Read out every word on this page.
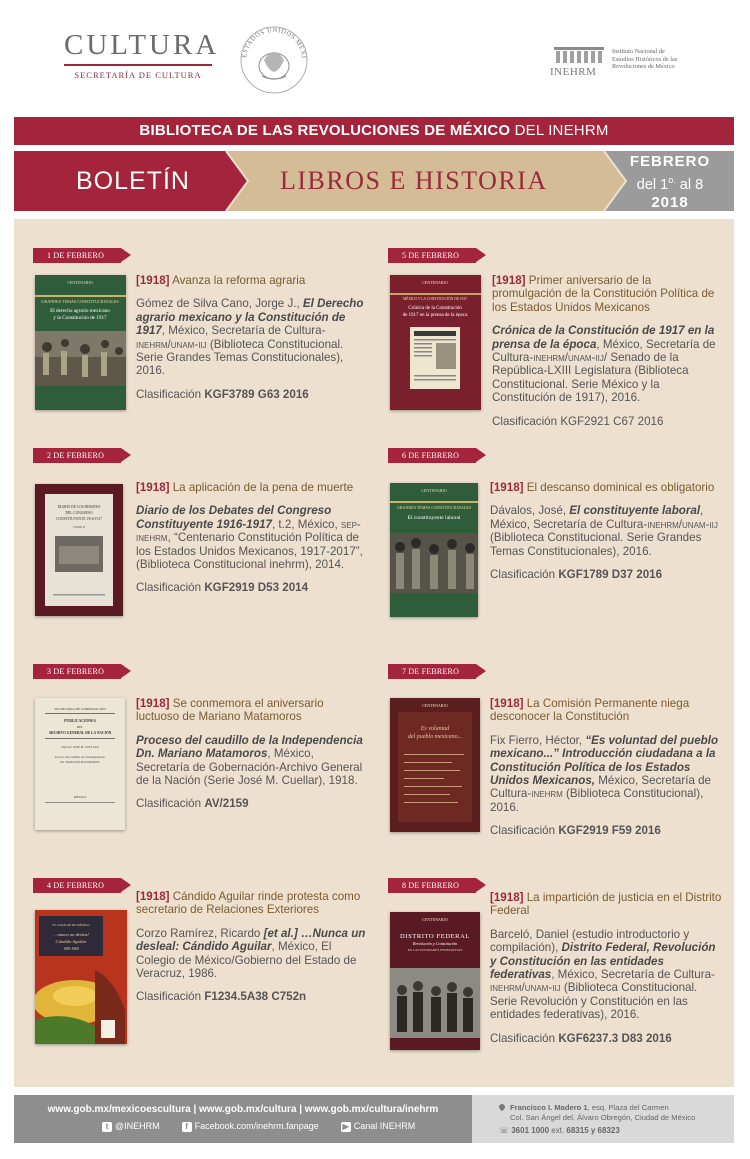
CULTURA
SECRETARÍA DE CULTURA
ESTADOS UNIDOS MEXI
INEHRM
Instituto Nacional de
Estudios Históricos de las
Revoluciones de México
BIBLIOTECA DE LAS REVOLUCIONES DE MÉXICO DEL INEHRM
BOLETÍN	LIBROS E HISTORIA
FEBRERO
del $1^{o.}$ al 8
2018
1 DE FEBRERO
CENTENARIO
GRANDES TEMAS CONSTITUCIONALES
El derecho agrario mexicano
y la Constitución de 1917
[1918] Avanza la reforma agraria
Gómez de Silva Cano, Jorge J., El Derecho agrario mexicano y la Constitución de 1917, México, Secretaría de Cultura-inehrm/unam-iij (Biblioteca Constitucional. Serie Grandes Temas Constitucionales), 2016.
Clasificación KGF3789 G63 2016
5 DE FEBRERO
CENTENARIO
MÉXICO Y LA CONSTITUCIÓN DE 1917
Crónica de la Constitución
de 1917 en la prensa de la época
[1918] Primer aniversario de la promulgación de la Constitución Política de los Estados Unidos Mexicanos
Crónica de la Constitución de 1917 en la prensa de la época, México, Secretaría de Cultura-inehrm/unam-iij/ Senado de la República-LXIII Legislatura (Biblioteca Constitucional. Serie México y la Constitución de 1917), 2016.
Clasificación KGF2921 C67 2016
2 DE FEBRERO
DIARIO DE LOS DEBATES
DEL CONGRESO
CONSTITUYENTE 1916-1917
TOMO II
[1918] La aplicación de la pena de muerte
Diario de los Debates del Congreso Constituyente 1916-1917, t.2, México, sep-inehrm, “Centenario Constitución Política de los Estados Unidos Mexicanos, 1917-2017”, (Biblioteca Constitucional inehrm), 2014.
Clasificación KGF2919 D53 2014
6 DE FEBRERO
CENTENARIO
GRANDES TEMAS CONSTITUCIONALES
El constituyente laboral
[1918] El descanso dominical es obligatorio
Dávalos, José, El constituyente laboral, México, Secretaría de Cultura-inehrm/unam-iij (Biblioteca Constitucional. Serie Grandes Temas Constitucionales), 2016.
Clasificación KGF1789 D37 2016
3 DE FEBRERO
SECRETARIA DE GOBERNACION
PUBLICACIONES
DEL
ARCHIVO GENERAL DE LA NACION
Director: JOSÉ M. CUELLAR
Proceso del Caudillo de la Independencia
Dn. MARIANO MATAMOROS
MÉXICO
[1918] Se conmemora el aniversario luctuoso de Mariano Matamoros
Proceso del caudillo de la Independencia Dn. Mariano Matamoros, México, Secretaría de Gobernación-Archivo General de la Nación (Serie José M. Cuellar), 1918.
Clasificación AV/2159
7 DE FEBRERO
CENTENARIO
Es voluntad
del pueblo mexicano...
[1918] La Comisión Permanente niega desconocer la Constitución
Fix Fierro, Héctor, “Es voluntad del pueblo mexicano...” Introducción ciudadana a la Constitución Política de los Estados Unidos Mexicanos, México, Secretaría de Cultura-inehrm (Biblioteca Constitucional), 2016.
Clasificación KGF2919 F59 2016
4 DE FEBRERO
EL COLEGIO DE MÉXICO
…nunca un desleal
Cándido Aguilar
1885-1960
[1918] Cándido Aguilar rinde protesta como secretario de Relaciones Exteriores
Corzo Ramírez, Ricardo [et al.] …Nunca un desleal: Cándido Aguilar, México, El Colegio de México/Gobierno del Estado de Veracruz, 1986.
Clasificación F1234.5A38 C752n
8 DE FEBRERO
CENTENARIO
DISTRITO FEDERAL
Revolución y Constitución
EN LAS ENTIDADES FEDERATIVAS
[1918] La impartición de justicia en el Distrito Federal
Barceló, Daniel (estudio introductorio y compilación), Distrito Federal, Revolución y Constitución en las entidades federativas, México, Secretaría de Cultura-inehrm/unam-iij (Biblioteca Constitucional. Serie Revolución y Constitución en las entidades federativas), 2016.
Clasificación KGF6237.3 D83 2016
www.gob.mx/mexicoescultura | www.gob.mx/cultura | www.gob.mx/cultura/inehrm
t @INEHRM	f Facebook.com/inehrm.fanpage	▶ Canal INEHRM
Francisco I. Madero 1, esq. Plaza del Carmen
Col. San Ángel del. Álvaro Obregón, Ciudad de México
☏ 3601 1000 ext. 68315 y 68323
